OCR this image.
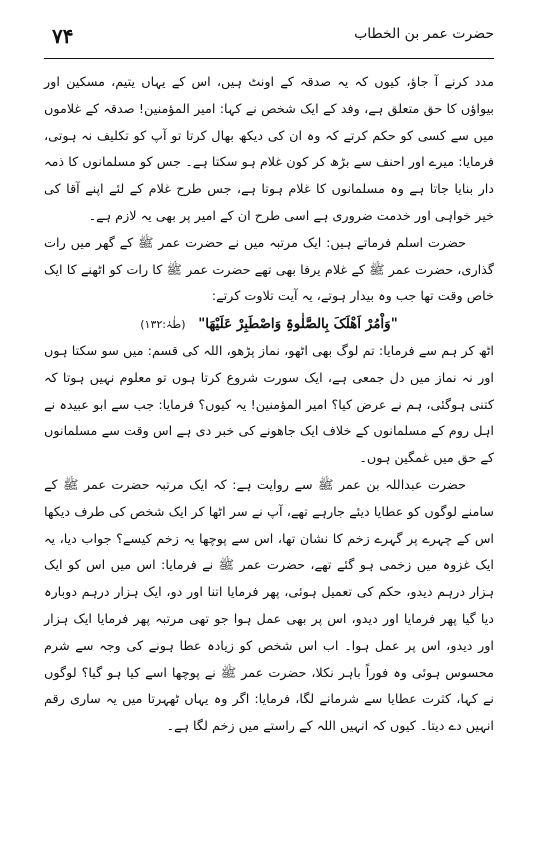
۷۴	حضرت عمر بن الخطاب

مدد کرنے آ جاؤ، کیوں کہ یہ صدقہ کے اونٹ ہیں، اس کے یہاں یتیم، مسکین اور بیواؤں کا حق متعلق ہے، وفد کے ایک شخص نے کہا: امیر المؤمنین! صدقہ کے غلاموں میں سے کسی کو حکم کرتے کہ وہ ان کی دیکھ بھال کرتا تو آپ کو تکلیف نہ ہوتی، فرمایا: میرے اور احنف سے بڑھ کر کون غلام ہو سکتا ہے۔ جس کو مسلمانوں کا ذمہ دار بنایا جاتا ہے وہ مسلمانوں کا غلام ہوتا ہے، جس طرح غلام کے لئے اپنے آقا کی خیر خواہی اور خدمت ضروری ہے اسی طرح ان کے امیر پر بھی یہ لازم ہے۔

حضرت اسلم فرماتے ہیں: ایک مرتبہ میں نے حضرت عمر ﷺ کے گھر میں رات گذاری، حضرت عمر ﷺ کے غلام یرفا بھی تھے حضرت عمر ﷺ کا رات کو اٹھنے کا ایک خاص وقت تھا جب وہ بیدار ہوتے، یہ آیت تلاوت کرتے:

"وَاْمُرْ اَھْلَکَ بِالصَّلٰوۃِ وَاصْطَبِرْ عَلَیْھَا" (طٰہٰ:۱۳۲)

اٹھ کر ہم سے فرمایا: تم لوگ بھی اٹھو، نماز پڑھو، اللہ کی قسم: میں سو سکتا ہوں اور نہ نماز میں دل جمعی ہے، ایک سورت شروع کرتا ہوں تو معلوم نہیں ہوتا کہ کتنی ہوگئی، ہم نے عرض کیا؟ امیر المؤمنین! یہ کیوں؟ فرمایا: جب سے ابو عبیدہ نے اہل روم کے مسلمانوں کے خلاف ایک جاھونے کی خبر دی ہے اس وقت سے مسلمانوں کے حق میں غمگین ہوں۔

حضرت عبداللہ بن عمر ﷺ سے روایت ہے: کہ ایک مرتبہ حضرت عمر ﷺ کے سامنے لوگوں کو عطایا دیئے جارہے تھے، آپ نے سر اٹھا کر ایک شخص کی طرف دیکھا اس کے چہرے پر گہرے زخم کا نشان تھا، اس سے پوچھا یہ زخم کیسے؟ جواب دیا، یہ ایک غزوہ میں زخمی ہو گئے تھے، حضرت عمر ﷺ نے فرمایا: اس میں اس کو ایک ہزار درہم دیدو، حکم کی تعمیل ہوئی، پھر فرمایا اتنا اور دو، ایک ہزار درہم دوبارہ دیا گیا پھر فرمایا اور دیدو، اس پر بھی عمل ہوا جو تھی مرتبہ پھر فرمایا ایک ہزار اور دیدو، اس پر عمل ہوا۔ اب اس شخص کو زیادہ عطا ہونے کی وجہ سے شرم محسوس ہوئی وہ فوراً باہر نکلا، حضرت عمر ﷺ نے پوچھا اسے کیا ہو گیا؟ لوگوں نے کہا، کثرت عطایا سے شرمانے لگا، فرمایا: اگر وہ یہاں ٹھہرتا میں یہ ساری رقم انہیں دے دیتا۔ کیوں کہ انہیں اللہ کے راستے میں زخم لگا ہے۔
